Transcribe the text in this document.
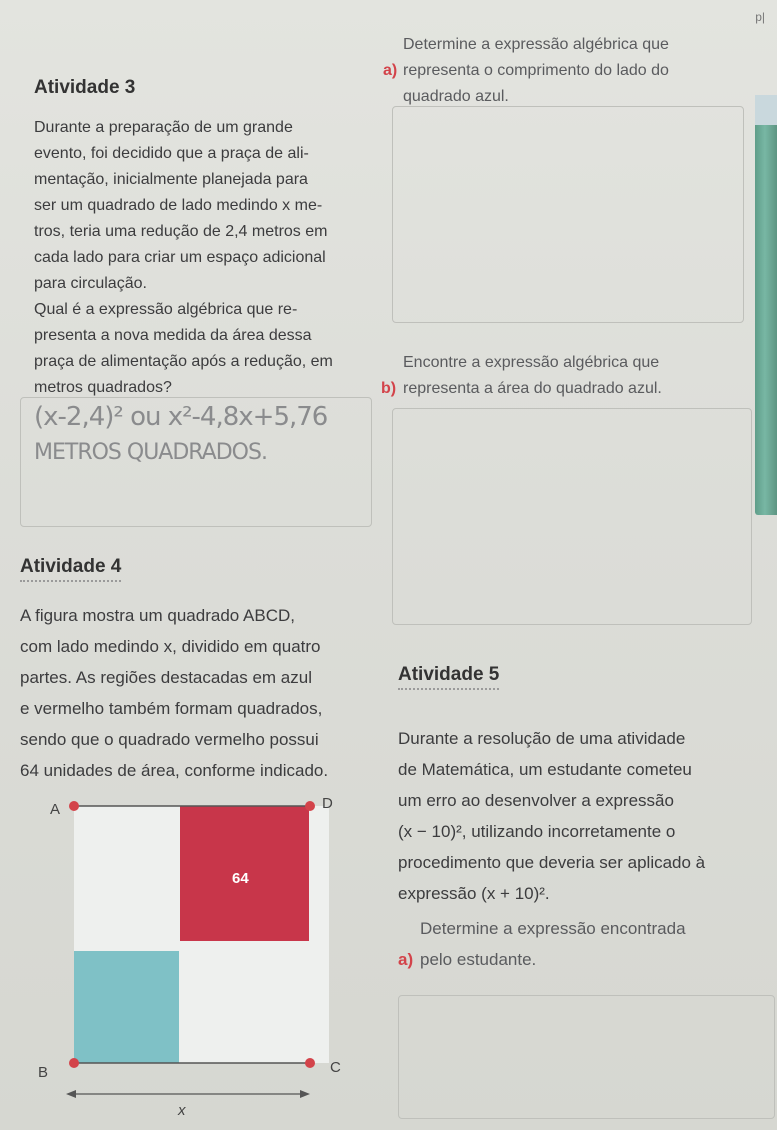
p|
Atividade 3
Durante a preparação de um grande
evento, foi decidido que a praça de ali-
mentação, inicialmente planejada para
ser um quadrado de lado medindo x me-
tros, teria uma redução de 2,4 metros em
cada lado para criar um espaço adicional
para circulação.
Qual é a expressão algébrica que re-
presenta a nova medida da área dessa
praça de alimentação após a redução, em
metros quadrados?
(x-2,4)² ou x²-4,8x+5,76
METROS QUADRADOS.

a)

Determine a expressão algébrica que
representa o comprimento do lado do
quadrado azul.

b)

Encontre a expressão algébrica que
representa a área do quadrado azul.
Atividade 4
A figura mostra um quadrado ABCD,
com lado medindo x, dividido em quatro
partes. As regiões destacadas em azul
e vermelho também formam quadrados,
sendo que o quadrado vermelho possui
64 unidades de área, conforme indicado.
A	D
B	C
64
x
Atividade 5
Durante a resolução de uma atividade
de Matemática, um estudante cometeu
um erro ao desenvolver a expressão
(x − 10)², utilizando incorretamente o
procedimento que deveria ser aplicado à
expressão (x + 10)².

a)

Determine a expressão encontrada
pelo estudante.
